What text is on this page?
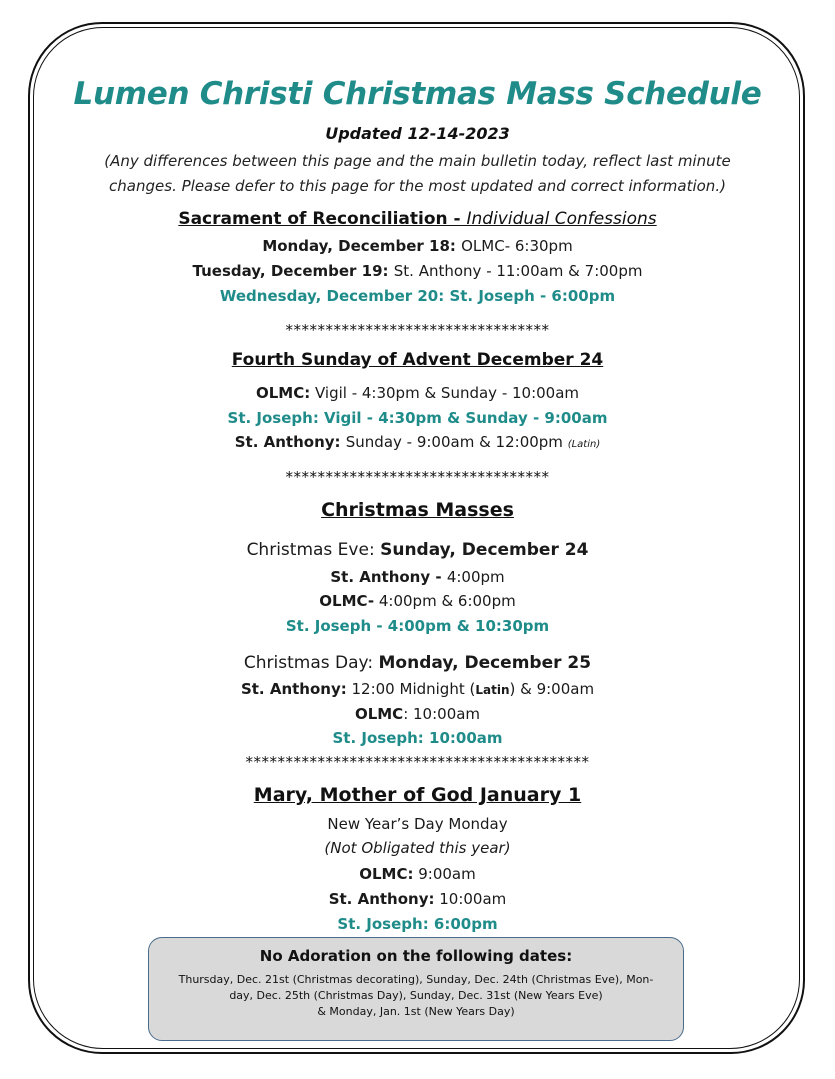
Lumen Christi Christmas Mass Schedule
Updated 12-14-2023
(Any differences between this page and the main bulletin today, reflect last minute
changes. Please defer to this page for the most updated and correct information.)
Sacrament of Reconciliation - Individual Confessions
Monday, December 18: OLMC- 6:30pm
Tuesday, December 19: St. Anthony - 11:00am & 7:00pm
Wednesday, December 20: St. Joseph - 6:00pm
*********************************
Fourth Sunday of Advent December 24
OLMC: Vigil - 4:30pm & Sunday - 10:00am
St. Joseph: Vigil - 4:30pm & Sunday - 9:00am
St. Anthony: Sunday - 9:00am & 12:00pm (Latin)
*********************************
Christmas Masses
Christmas Eve: Sunday, December 24
St. Anthony - 4:00pm
OLMC- 4:00pm & 6:00pm
St. Joseph - 4:00pm & 10:30pm
Christmas Day: Monday, December 25
St. Anthony: 12:00 Midnight (Latin) & 9:00am
OLMC: 10:00am
St. Joseph: 10:00am
*******************************************
Mary, Mother of God January 1
New Year’s Day Monday
(Not Obligated this year)
OLMC: 9:00am
St. Anthony: 10:00am
St. Joseph: 6:00pm
No Adoration on the following dates:
Thursday, Dec. 21st (Christmas decorating), Sunday, Dec. 24th (Christmas Eve), Mon-
day, Dec. 25th (Christmas Day), Sunday, Dec. 31st (New Years Eve)
& Monday, Jan. 1st (New Years Day)
